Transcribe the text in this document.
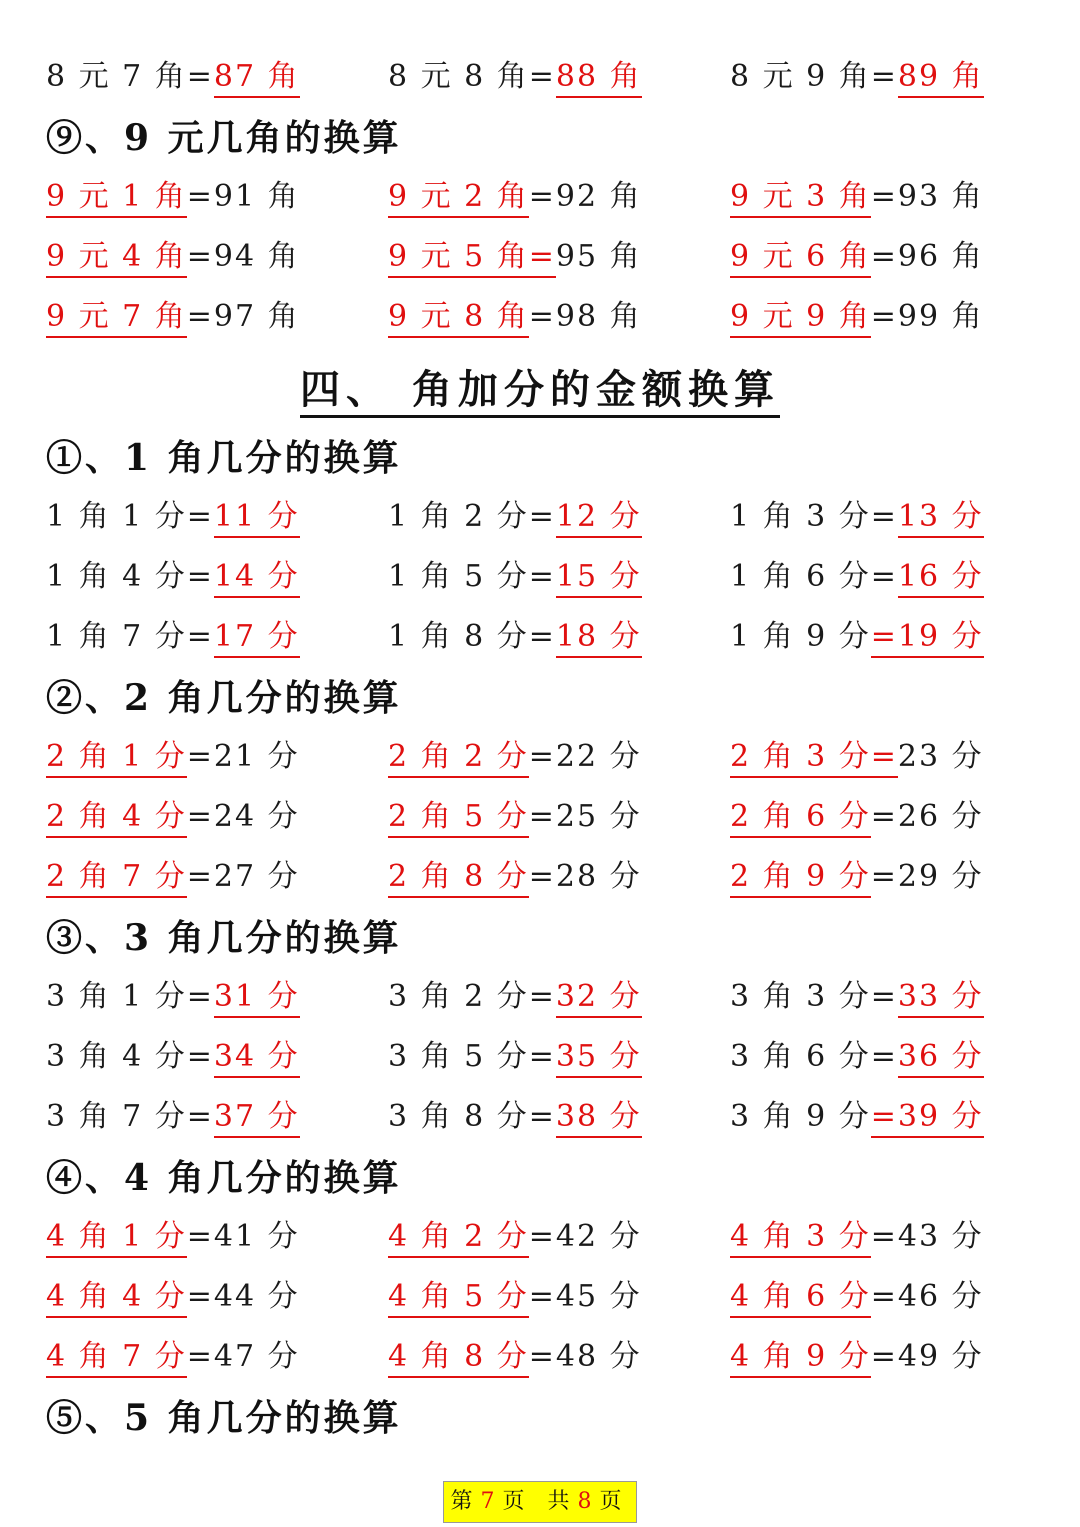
8 元 7 角=87 角	8 元 8 角=88 角	8 元 9 角=89 角
⑨、9 元几角的换算
9 元 1 角=91 角	9 元 2 角=92 角	9 元 3 角=93 角
9 元 4 角=94 角	9 元 5 角=95 角	9 元 6 角=96 角
9 元 7 角=97 角	9 元 8 角=98 角	9 元 9 角=99 角
四、 角加分的金额换算
①、1 角几分的换算
1 角 1 分=11 分	1 角 2 分=12 分	1 角 3 分=13 分
1 角 4 分=14 分	1 角 5 分=15 分	1 角 6 分=16 分
1 角 7 分=17 分	1 角 8 分=18 分	1 角 9 分=19 分
②、2 角几分的换算
2 角 1 分=21 分	2 角 2 分=22 分	2 角 3 分=23 分
2 角 4 分=24 分	2 角 5 分=25 分	2 角 6 分=26 分
2 角 7 分=27 分	2 角 8 分=28 分	2 角 9 分=29 分
③、3 角几分的换算
3 角 1 分=31 分	3 角 2 分=32 分	3 角 3 分=33 分
3 角 4 分=34 分	3 角 5 分=35 分	3 角 6 分=36 分
3 角 7 分=37 分	3 角 8 分=38 分	3 角 9 分=39 分
④、4 角几分的换算
4 角 1 分=41 分	4 角 2 分=42 分	4 角 3 分=43 分
4 角 4 分=44 分	4 角 5 分=45 分	4 角 6 分=46 分
4 角 7 分=47 分	4 角 8 分=48 分	4 角 9 分=49 分
⑤、5 角几分的换算
第7页 共8页
